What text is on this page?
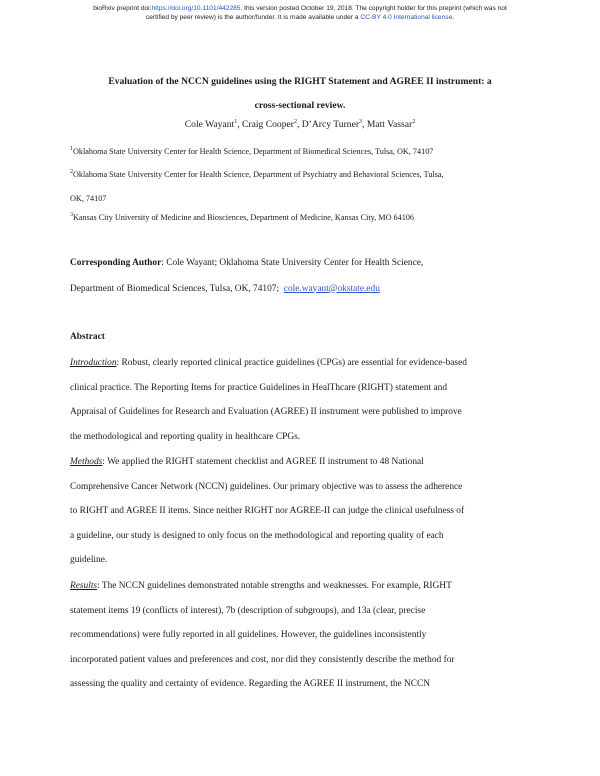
bioRxiv preprint doi:https://doi.org/10.1101/442285. this version posted October 19, 2018. The copyright holder for this preprint (which was not
certified by peer review) is the author/funder. It is made available under a CC-BY 4.0 International license.
Evaluation of the NCCN guidelines using the RIGHT Statement and AGREE II instrument: a
cross-sectional review.
Cole Wayant$^1$, Craig Cooper$^2$, D’Arcy Turner$^3$, Matt Vassar$^2$
$^1$Oklahoma State University Center for Health Science, Department of Biomedical Sciences, Tulsa, OK, 74107
$^2$Oklahoma State University Center for Health Science, Department of Psychiatry and Behavioral Sciences, Tulsa,
OK, 74107
$^3$Kansas City University of Medicine and Biosciences, Department of Medicine, Kansas City, MO 64106
Corresponding Author: Cole Wayant; Oklahoma State University Center for Health Science,
Department of Biomedical Sciences, Tulsa, OK, 74107; cole.wayant@okstate.edu
Abstract
Introduction: Robust, clearly reported clinical practice guidelines (CPGs) are essential for evidence-based
clinical practice. The Reporting Items for practice Guidelines in HealThcare (RIGHT) statement and
Appraisal of Guidelines for Research and Evaluation (AGREE) II instrument were published to improve
the methodological and reporting quality in healthcare CPGs.
Methods: We applied the RIGHT statement checklist and AGREE II instrument to 48 National
Comprehensive Cancer Network (NCCN) guidelines. Our primary objective was to assess the adherence
to RIGHT and AGREE II items. Since neither RIGHT nor AGREE-II can judge the clinical usefulness of
a guideline, our study is designed to only focus on the methodological and reporting quality of each
guideline.
Results: The NCCN guidelines demonstrated notable strengths and weaknesses. For example, RIGHT
statement items 19 (conflicts of interest), 7b (description of subgroups), and 13a (clear, precise
recommendations) were fully reported in all guidelines. However, the guidelines inconsistently
incorporated patient values and preferences and cost, nor did they consistently describe the method for
assessing the quality and certainty of evidence. Regarding the AGREE II instrument, the NCCN
